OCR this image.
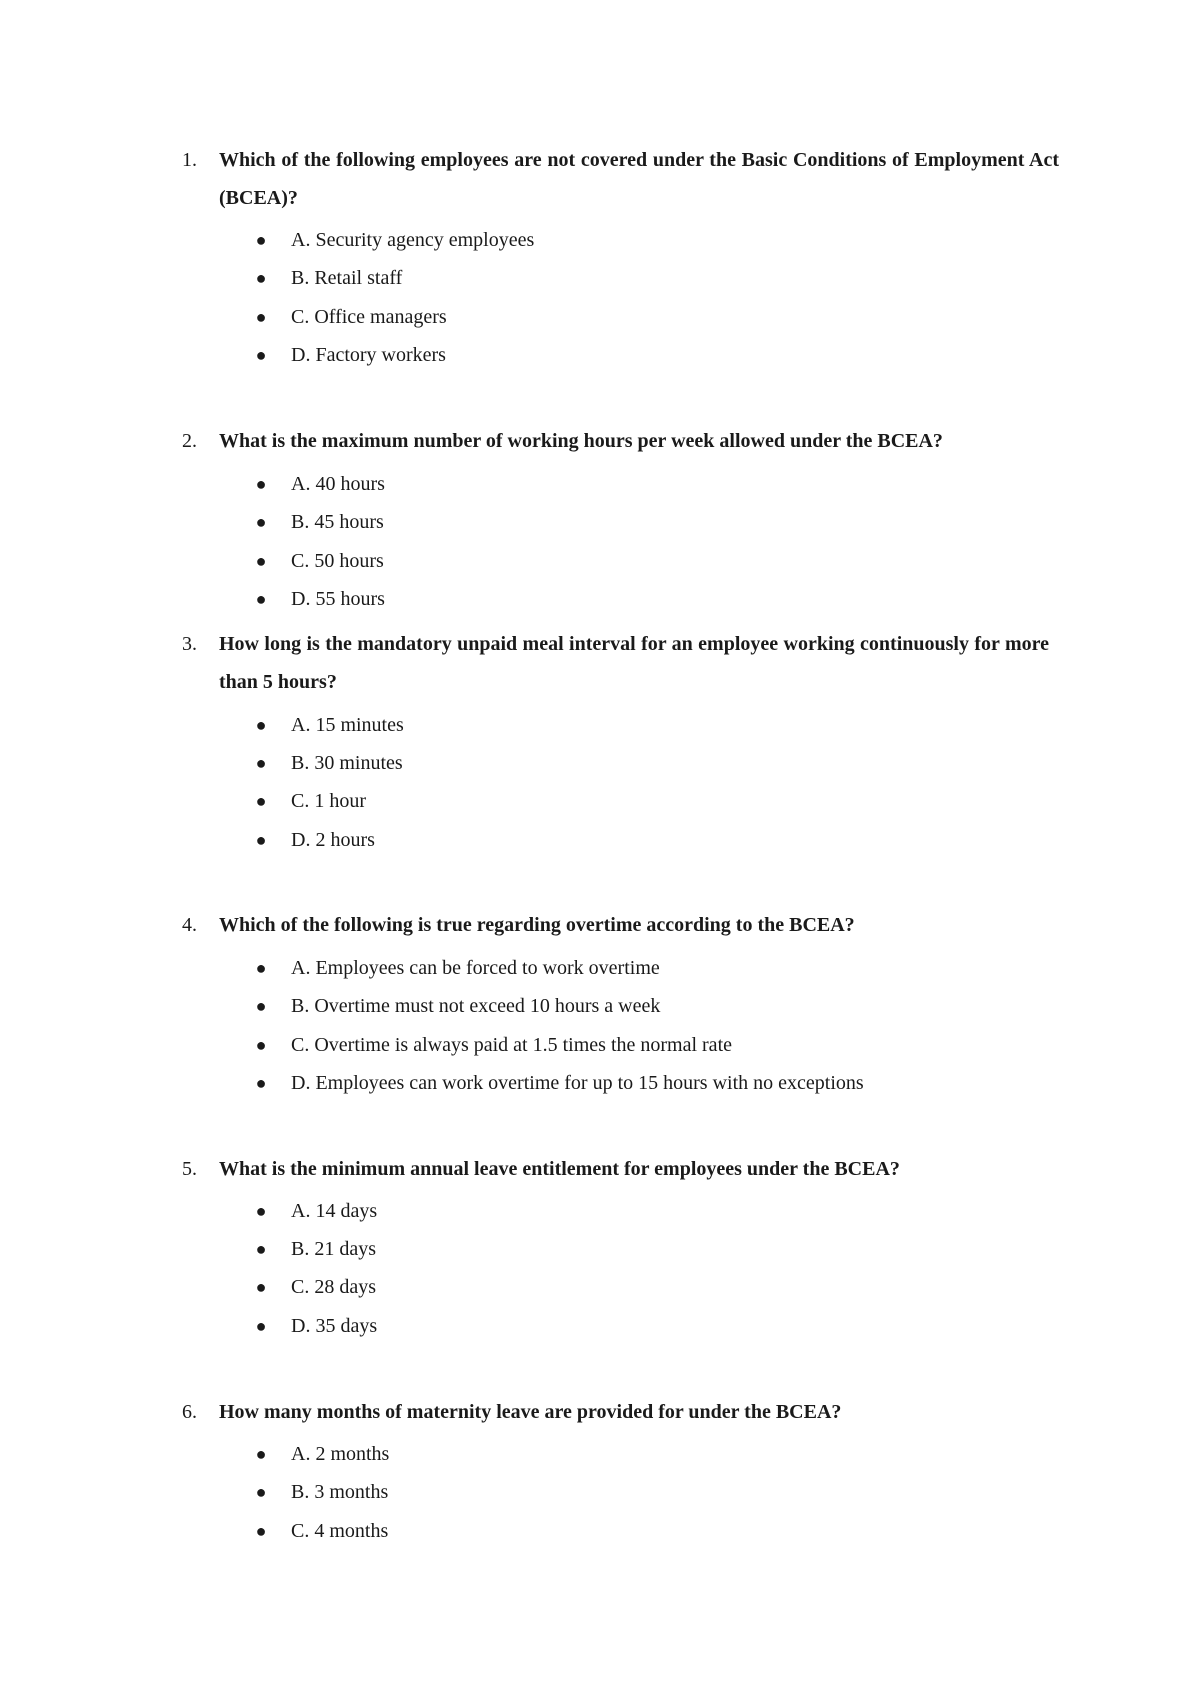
1. Which of the following employees are not covered under the Basic Conditions of Employment Act (BCEA)?
● A. Security agency employees
● B. Retail staff
● C. Office managers
● D. Factory workers
2. What is the maximum number of working hours per week allowed under the BCEA?
● A. 40 hours
● B. 45 hours
● C. 50 hours
● D. 55 hours
3. How long is the mandatory unpaid meal interval for an employee working continuously for more than 5 hours?
● A. 15 minutes
● B. 30 minutes
● C. 1 hour
● D. 2 hours
4. Which of the following is true regarding overtime according to the BCEA?
● A. Employees can be forced to work overtime
● B. Overtime must not exceed 10 hours a week
● C. Overtime is always paid at 1.5 times the normal rate
● D. Employees can work overtime for up to 15 hours with no exceptions
5. What is the minimum annual leave entitlement for employees under the BCEA?
● A. 14 days
● B. 21 days
● C. 28 days
● D. 35 days
6. How many months of maternity leave are provided for under the BCEA?
● A. 2 months
● B. 3 months
● C. 4 months
